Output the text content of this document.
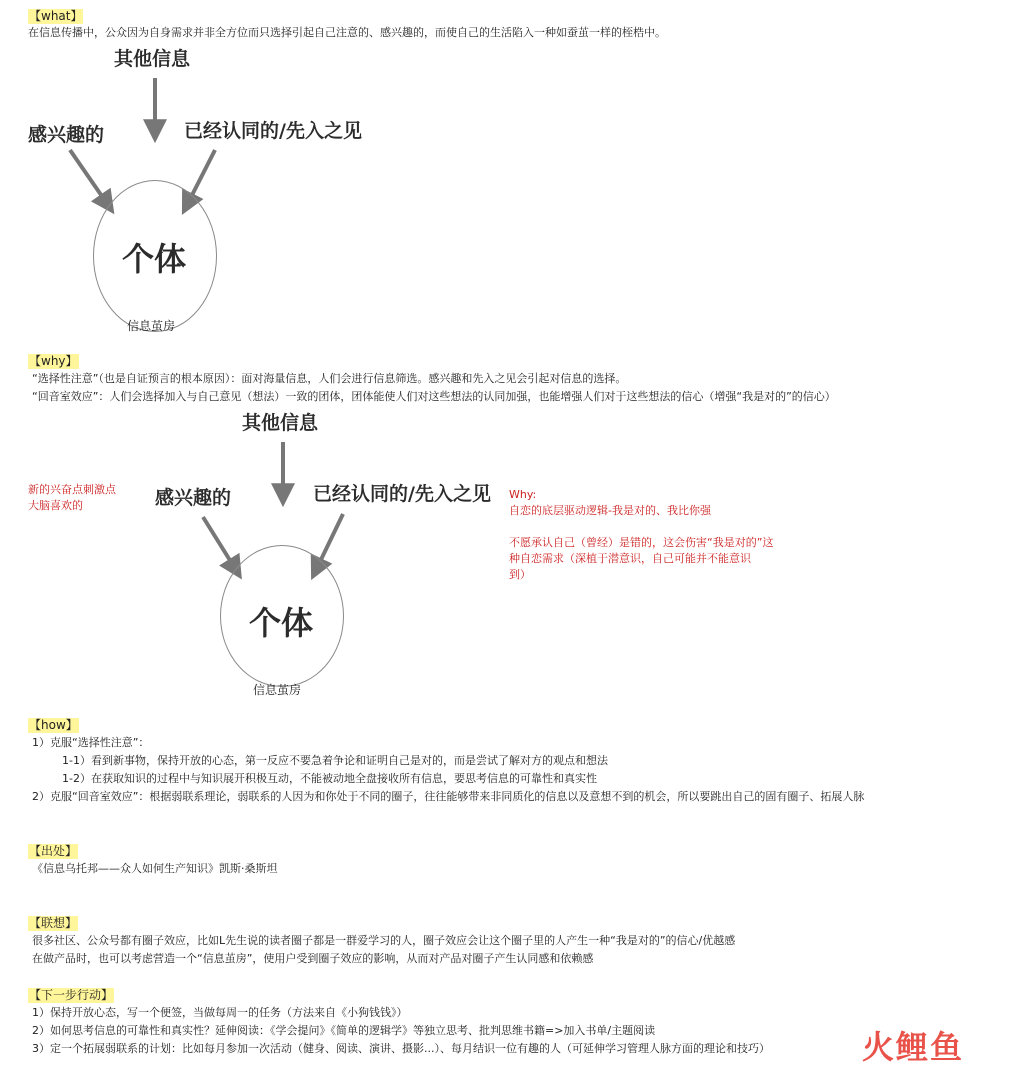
【what】
在信息传播中，公众因为自身需求并非全方位而只选择引起自己注意的、感兴趣的，而使自己的生活陷入一种如蚕茧一样的桎梏中。
其他信息
感兴趣的	已经认同的/先入之见
个体
信息茧房
【why】
“选择性注意”（也是自证预言的根本原因）：面对海量信息，人们会进行信息筛选。感兴趣和先入之见会引起对信息的选择。
“回音室效应”：人们会选择加入与自己意见（想法）一致的团体，团体能使人们对这些想法的认同加强，也能增强人们对于这些想法的信心（增强“我是对的”的信心）
其他信息
感兴趣的	已经认同的/先入之见
个体
信息茧房
新的兴奋点刺激点
大脑喜欢的
Why:
自恋的底层驱动逻辑-我是对的、我比你强
不愿承认自己（曾经）是错的，这会伤害“我是对的”这
种自恋需求（深植于潜意识，自己可能并不能意识
到）
【how】
1）克服“选择性注意”：
1-1）看到新事物，保持开放的心态，第一反应不要急着争论和证明自己是对的，而是尝试了解对方的观点和想法
1-2）在获取知识的过程中与知识展开积极互动，不能被动地全盘接收所有信息，要思考信息的可靠性和真实性
2）克服“回音室效应”：根据弱联系理论，弱联系的人因为和你处于不同的圈子，往往能够带来非同质化的信息以及意想不到的机会，所以要跳出自己的固有圈子、拓展人脉
【出处】
《信息乌托邦——众人如何生产知识》凯斯·桑斯坦
【联想】
很多社区、公众号都有圈子效应，比如L先生说的读者圈子都是一群爱学习的人，圈子效应会让这个圈子里的人产生一种“我是对的”的信心/优越感
在做产品时，也可以考虑营造一个“信息茧房”，使用户受到圈子效应的影响，从而对产品对圈子产生认同感和依赖感
【下一步行动】
1）保持开放心态，写一个便签，当做每周一的任务（方法来自《小狗钱钱》）
2）如何思考信息的可靠性和真实性？延伸阅读：《学会提问》《简单的逻辑学》等独立思考、批判思维书籍=>加入书单/主题阅读
3）定一个拓展弱联系的计划：比如每月参加一次活动（健身、阅读、演讲、摄影...）、每月结识一位有趣的人（可延伸学习管理人脉方面的理论和技巧）	火鲤鱼
